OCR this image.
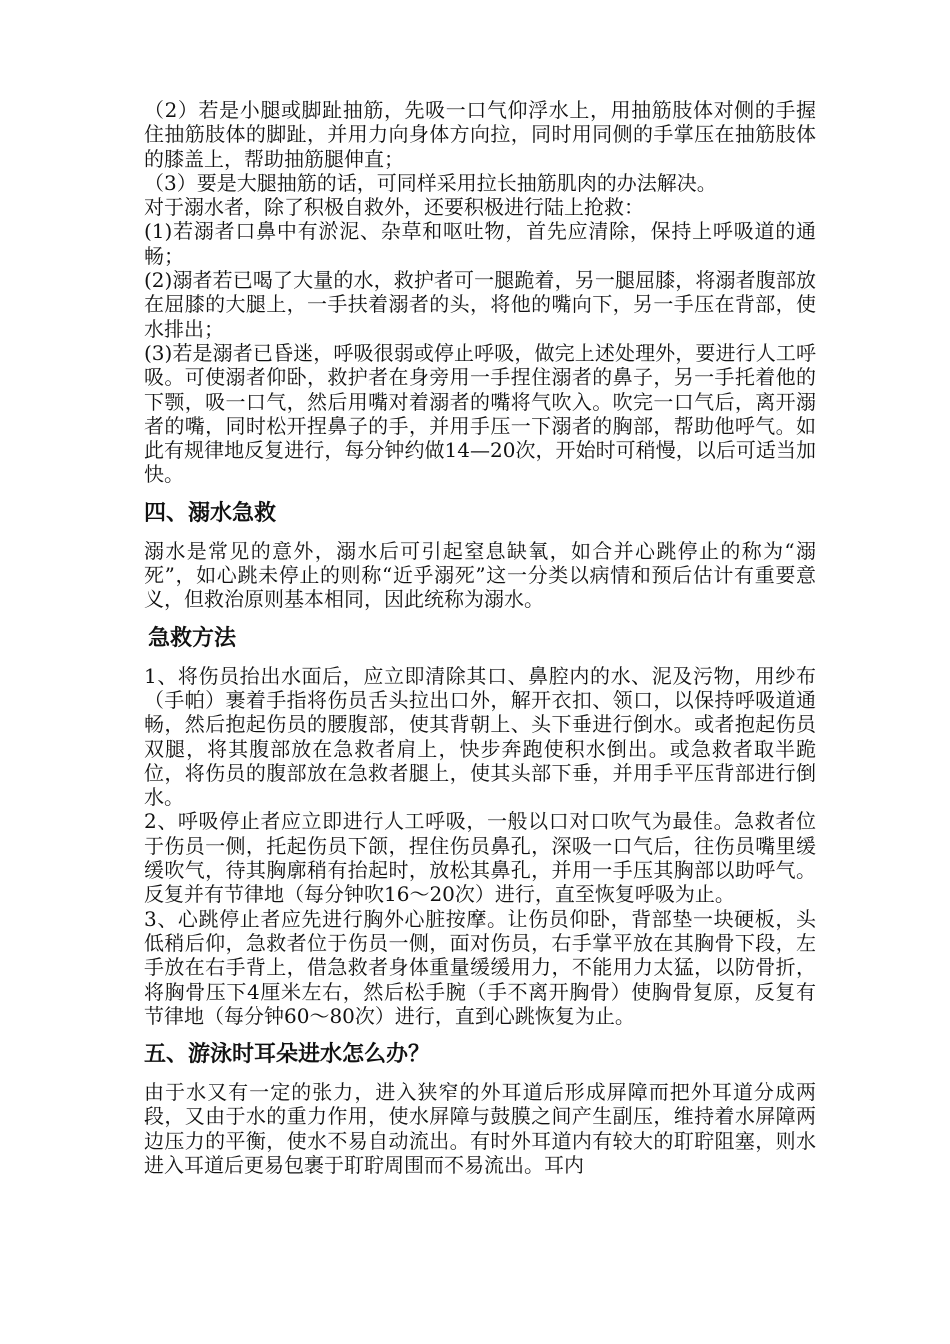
（2）若是小腿或脚趾抽筋，先吸一口气仰浮水上，用抽筋肢体对侧的手握住抽筋肢体的脚趾，并用力向身体方向拉，同时用同侧的手掌压在抽筋肢体的膝盖上，帮助抽筋腿伸直；

（3）要是大腿抽筋的话，可同样采用拉长抽筋肌肉的办法解决。

对于溺水者，除了积极自救外，还要积极进行陆上抢救：

(1)若溺者口鼻中有淤泥、杂草和呕吐物，首先应清除，保持上呼吸道的通畅；

(2)溺者若已喝了大量的水，救护者可一腿跪着，另一腿屈膝，将溺者腹部放在屈膝的大腿上，一手扶着溺者的头，将他的嘴向下，另一手压在背部，使水排出；

(3)若是溺者已昏迷，呼吸很弱或停止呼吸，做完上述处理外，要进行人工呼吸。可使溺者仰卧，救护者在身旁用一手捏住溺者的鼻子，另一手托着他的下颚，吸一口气，然后用嘴对着溺者的嘴将气吹入。吹完一口气后，离开溺者的嘴，同时松开捏鼻子的手，并用手压一下溺者的胸部，帮助他呼气。如此有规律地反复进行，每分钟约做14—20次，开始时可稍慢，以后可适当加快。

四、溺水急救

溺水是常见的意外，溺水后可引起窒息缺氧，如合并心跳停止的称为“溺死”，如心跳未停止的则称“近乎溺死”这一分类以病情和预后估计有重要意义，但救治原则基本相同，因此统称为溺水。

急救方法

1、将伤员抬出水面后，应立即清除其口、鼻腔内的水、泥及污物，用纱布（手帕）裹着手指将伤员舌头拉出口外，解开衣扣、领口，以保持呼吸道通畅，然后抱起伤员的腰腹部，使其背朝上、头下垂进行倒水。或者抱起伤员双腿，将其腹部放在急救者肩上，快步奔跑使积水倒出。或急救者取半跪位，将伤员的腹部放在急救者腿上，使其头部下垂，并用手平压背部进行倒水。

2、呼吸停止者应立即进行人工呼吸，一般以口对口吹气为最佳。急救者位于伤员一侧，托起伤员下颌，捏住伤员鼻孔，深吸一口气后，往伤员嘴里缓缓吹气，待其胸廓稍有抬起时，放松其鼻孔，并用一手压其胸部以助呼气。反复并有节律地（每分钟吹16～20次）进行，直至恢复呼吸为止。

3、心跳停止者应先进行胸外心脏按摩。让伤员仰卧，背部垫一块硬板，头低稍后仰，急救者位于伤员一侧，面对伤员，右手掌平放在其胸骨下段，左手放在右手背上，借急救者身体重量缓缓用力，不能用力太猛，以防骨折，将胸骨压下4厘米左右，然后松手腕（手不离开胸骨）使胸骨复原，反复有节律地（每分钟60～80次）进行，直到心跳恢复为止。

五、游泳时耳朵进水怎么办？

由于水又有一定的张力，进入狭窄的外耳道后形成屏障而把外耳道分成两段，又由于水的重力作用，使水屏障与鼓膜之间产生副压，维持着水屏障两边压力的平衡，使水不易自动流出。有时外耳道内有较大的耵聍阻塞，则水进入耳道后更易包裹于耵聍周围而不易流出。耳内
